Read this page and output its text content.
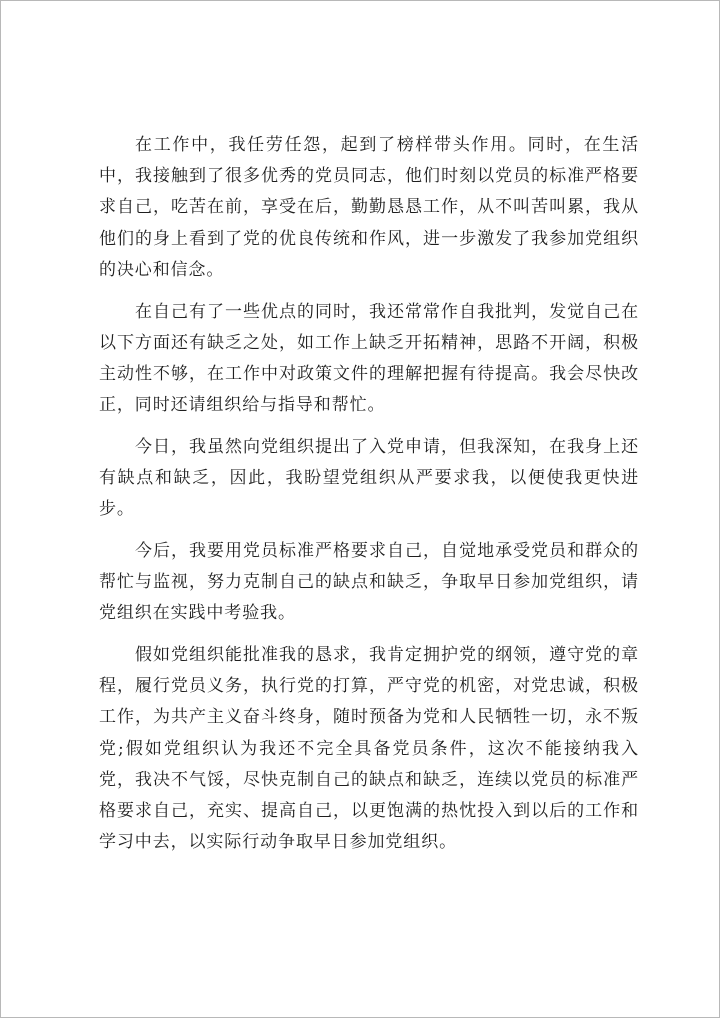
在工作中，我任劳任怨，起到了榜样带头作用。同时，在生活中，我接触到了很多优秀的党员同志，他们时刻以党员的标准严格要求自己，吃苦在前，享受在后，勤勤恳恳工作，从不叫苦叫累，我从他们的身上看到了党的优良传统和作风，进一步激发了我参加党组织的决心和信念。

在自己有了一些优点的同时，我还常常作自我批判，发觉自己在以下方面还有缺乏之处，如工作上缺乏开拓精神，思路不开阔，积极主动性不够，在工作中对政策文件的理解把握有待提高。我会尽快改正，同时还请组织给与指导和帮忙。

今日，我虽然向党组织提出了入党申请，但我深知，在我身上还有缺点和缺乏，因此，我盼望党组织从严要求我，以便使我更快进步。

今后，我要用党员标准严格要求自己，自觉地承受党员和群众的帮忙与监视，努力克制自己的缺点和缺乏，争取早日参加党组织，请党组织在实践中考验我。

假如党组织能批准我的恳求，我肯定拥护党的纲领，遵守党的章程，履行党员义务，执行党的打算，严守党的机密，对党忠诚，积极工作，为共产主义奋斗终身，随时预备为党和人民牺牲一切，永不叛党;假如党组织认为我还不完全具备党员条件，这次不能接纳我入党，我决不气馁，尽快克制自己的缺点和缺乏，连续以党员的标准严格要求自己，充实、提高自己，以更饱满的热忱投入到以后的工作和学习中去，以实际行动争取早日参加党组织。
